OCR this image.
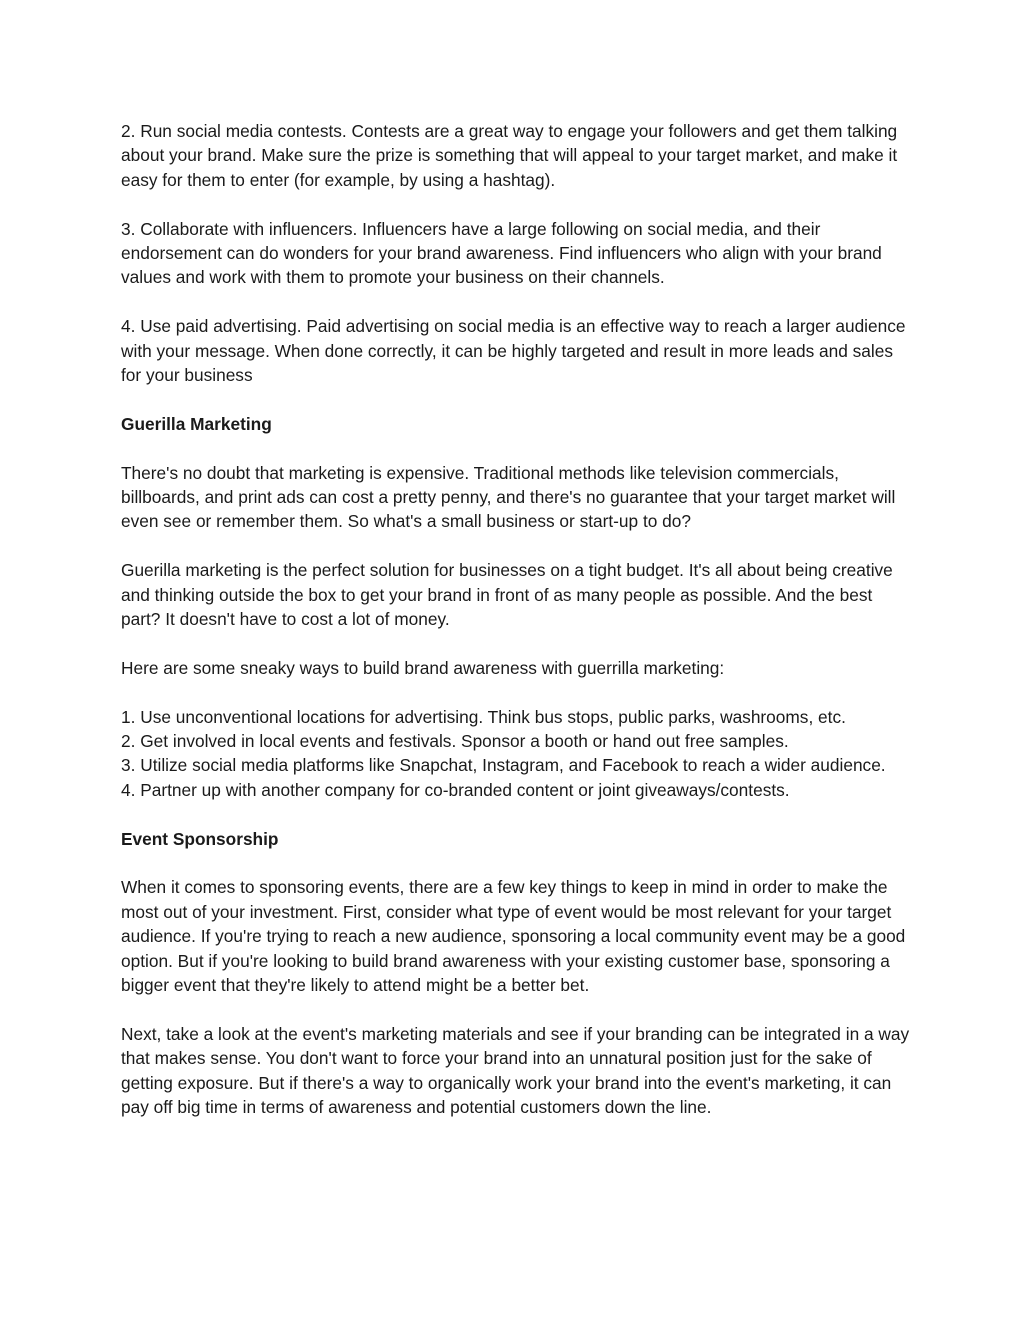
2. Run social media contests. Contests are a great way to engage your followers and get them talking about your brand. Make sure the prize is something that will appeal to your target market, and make it easy for them to enter (for example, by using a hashtag).

3. Collaborate with influencers. Influencers have a large following on social media, and their endorsement can do wonders for your brand awareness. Find influencers who align with your brand values and work with them to promote your business on their channels.

4. Use paid advertising. Paid advertising on social media is an effective way to reach a larger audience with your message. When done correctly, it can be highly targeted and result in more leads and sales for your business

Guerilla Marketing

There's no doubt that marketing is expensive. Traditional methods like television commercials, billboards, and print ads can cost a pretty penny, and there's no guarantee that your target market will even see or remember them. So what's a small business or start-up to do?

Guerilla marketing is the perfect solution for businesses on a tight budget. It's all about being creative and thinking outside the box to get your brand in front of as many people as possible. And the best part? It doesn't have to cost a lot of money.

Here are some sneaky ways to build brand awareness with guerrilla marketing:

1. Use unconventional locations for advertising. Think bus stops, public parks, washrooms, etc.

2. Get involved in local events and festivals. Sponsor a booth or hand out free samples.

3. Utilize social media platforms like Snapchat, Instagram, and Facebook to reach a wider audience.

4. Partner up with another company for co-branded content or joint giveaways/contests.

Event Sponsorship

When it comes to sponsoring events, there are a few key things to keep in mind in order to make the most out of your investment. First, consider what type of event would be most relevant for your target audience. If you're trying to reach a new audience, sponsoring a local community event may be a good option. But if you're looking to build brand awareness with your existing customer base, sponsoring a bigger event that they're likely to attend might be a better bet.

Next, take a look at the event's marketing materials and see if your branding can be integrated in a way that makes sense. You don't want to force your brand into an unnatural position just for the sake of getting exposure. But if there's a way to organically work your brand into the event's marketing, it can pay off big time in terms of awareness and potential customers down the line.
